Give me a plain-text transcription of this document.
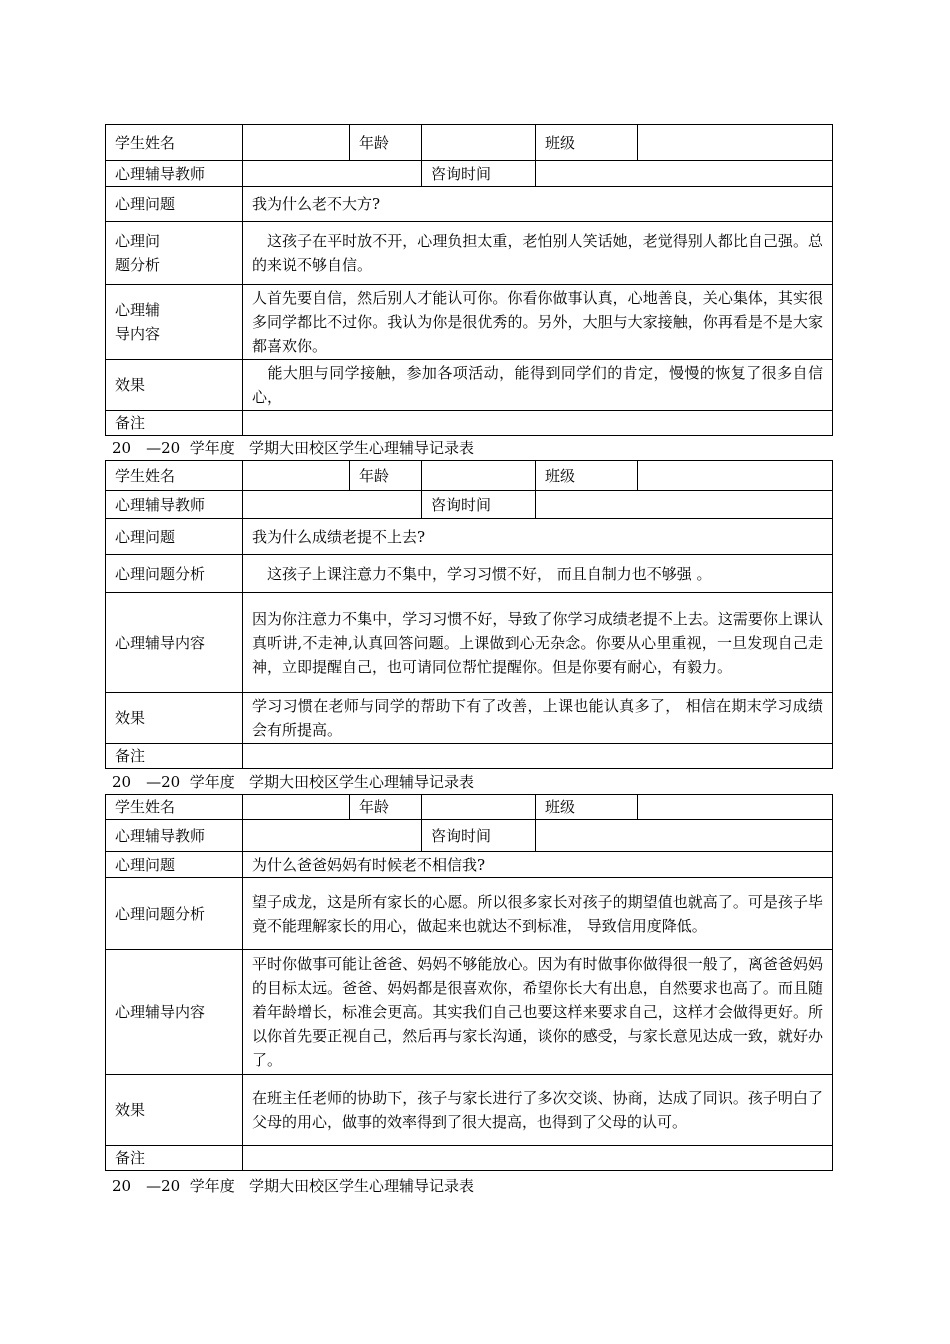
学生姓名		年龄		班级	
心理辅导教师			咨询时间		
心理问题	我为什么老不大方?				

心理问
题分析	　这孩子在平时放不开，心理负担太重，老怕别人笑话她，老觉得别人都比自己强。总的来说不够自信。				

心理辅
导内容	人首先要自信，然后别人才能认可你。你看你做事认真，心地善良，关心集体，其实很多同学都比不过你。我认为你是很优秀的。另外，大胆与大家接触，你再看是不是大家都喜欢你。				
效果	　能大胆与同学接触，参加各项活动，能得到同学们的肯定，慢慢的恢复了很多自信心，				
备注					
20　—20  学年度   学期大田校区学生心理辅导记录表
学生姓名		年龄		班级	
心理辅导教师			咨询时间		
心理问题	我为什么成绩老提不上去?				
心理问题分析	　这孩子上课注意力不集中，学习习惯不好， 而且自制力也不够强 。				
心理辅导内容	因为你注意力不集中，学习习惯不好，导致了你学习成绩老提不上去。这需要你上课认真听讲,不走神,认真回答问题。上课做到心无杂念。你要从心里重视，一旦发现自己走神，立即提醒自己，也可请同位帮忙提醒你。但是你要有耐心，有毅力。				
效果	学习习惯在老师与同学的帮助下有了改善，上课也能认真多了， 相信在期末学习成绩会有所提高。				
备注					
20　—20  学年度   学期大田校区学生心理辅导记录表
学生姓名		年龄		班级	
心理辅导教师			咨询时间		
心理问题	为什么爸爸妈妈有时候老不相信我?				
心理问题分析	望子成龙，这是所有家长的心愿。所以很多家长对孩子的期望值也就高了。可是孩子毕竟不能理解家长的用心，做起来也就达不到标准， 导致信用度降低。				
心理辅导内容	平时你做事可能让爸爸、妈妈不够能放心。因为有时做事你做得很一般了，离爸爸妈妈的目标太远。爸爸、妈妈都是很喜欢你，希望你长大有出息，自然要求也高了。而且随着年龄增长，标准会更高。其实我们自己也要这样来要求自己，这样才会做得更好。所以你首先要正视自己，然后再与家长沟通，谈你的感受，与家长意见达成一致，就好办了。				
效果	在班主任老师的协助下，孩子与家长进行了多次交谈、协商，达成了同识。孩子明白了父母的用心，做事的效率得到了很大提高，也得到了父母的认可。				
备注					
20　—20  学年度   学期大田校区学生心理辅导记录表
